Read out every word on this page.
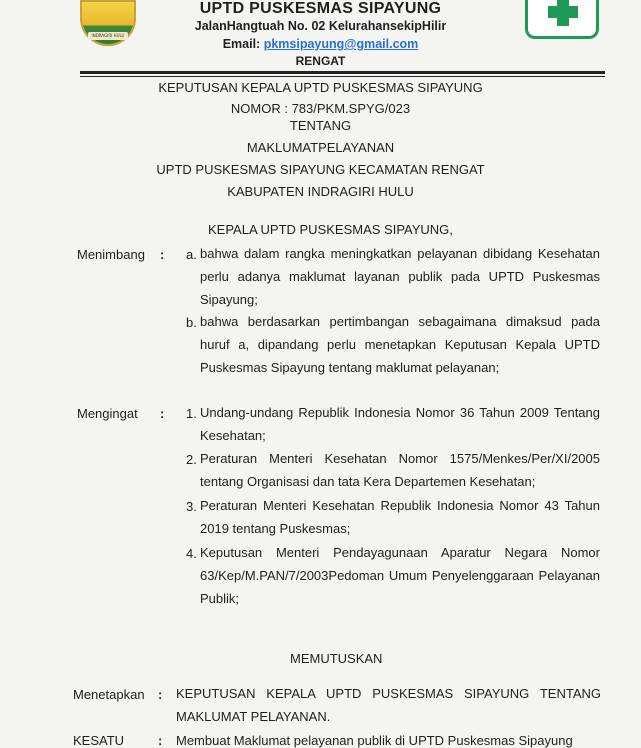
INDRAGIRI HULU
UPTD PUSKESMAS SIPAYUNG
JalanHangtuah No. 02 KelurahansekipHilir
Email: pkmsipayung@gmail.com
RENGAT
KEPUTUSAN KEPALA UPTD PUSKESMAS SIPAYUNG
NOMOR : 783/PKM.SPYG/023
TENTANG
MAKLUMATPELAYANAN
UPTD PUSKESMAS SIPAYUNG KECAMATAN RENGAT
KABUPATEN INDRAGIRI HULU
KEPALA UPTD PUSKESMAS SIPAYUNG,
Menimbang : a. bahwa dalam rangka meningkatkan pelayanan dibidang Kesehatan perlu adanya maklumat layanan publik pada UPTD Puskesmas Sipayung;
b. bahwa berdasarkan pertimbangan sebagaimana dimaksud pada huruf a, dipandang perlu menetapkan Keputusan Kepala UPTD Puskesmas Sipayung tentang maklumat pelayanan;
Mengingat : 1. Undang-undang Republik Indonesia Nomor 36 Tahun 2009 Tentang Kesehatan;
2. Peraturan Menteri Kesehatan Nomor 1575/Menkes/Per/XI/2005 tentang Organisasi dan tata Kera Departemen Kesehatan;
3. Peraturan Menteri Kesehatan Republik Indonesia Nomor 43 Tahun 2019 tentang Puskesmas;
4. Keputusan Menteri Pendayagunaan Aparatur Negara Nomor 63/Kep/M.PAN/7/2003Pedoman Umum Penyelenggaraan Pelayanan Publik;
MEMUTUSKAN
Menetapkan : KEPUTUSAN KEPALA UPTD PUSKESMAS SIPAYUNG TENTANG MAKLUMAT PELAYANAN.
KESATU	: Membuat Maklumat pelayanan publik di UPTD Puskesmas Sipayung
